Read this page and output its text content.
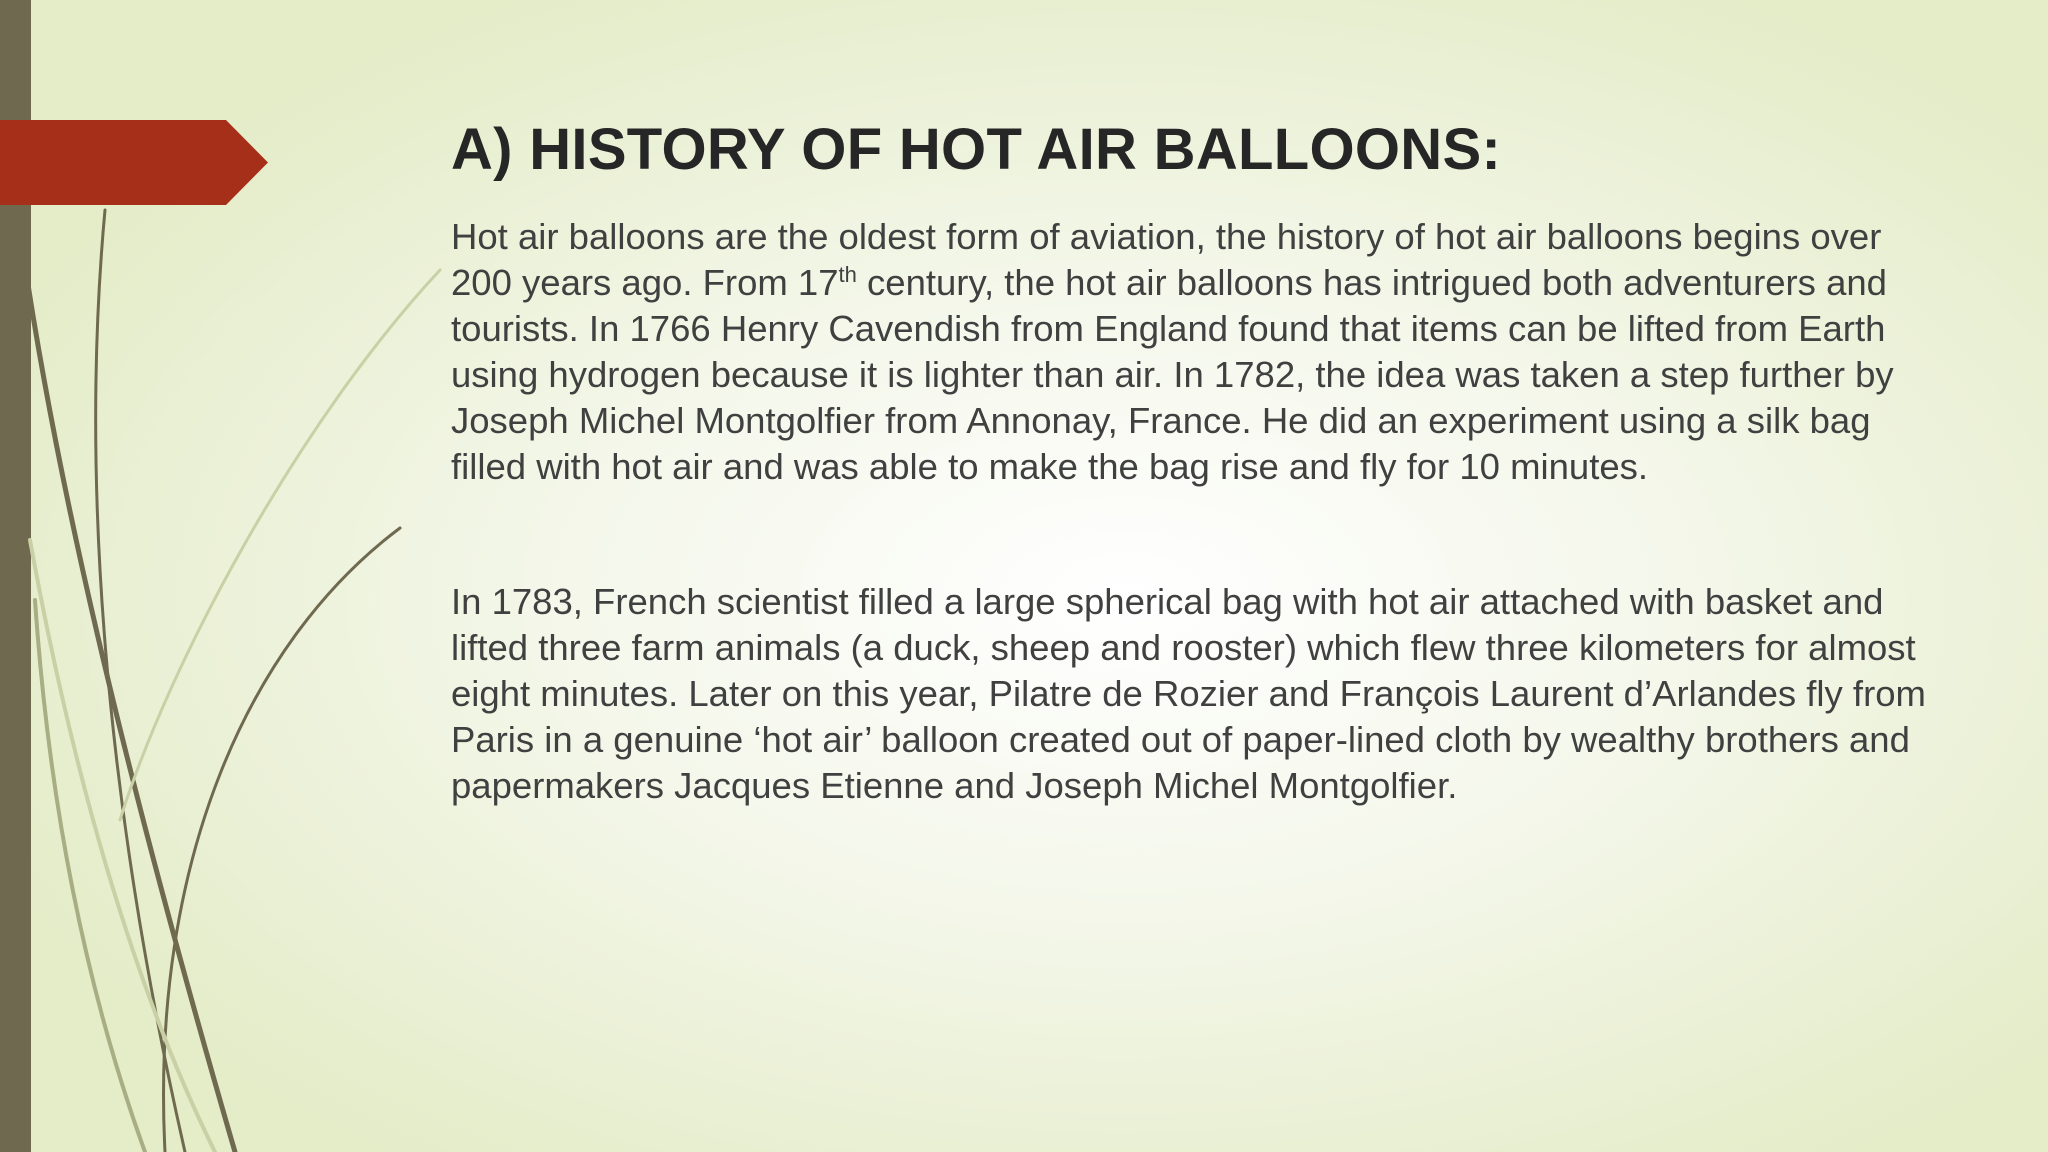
A) HISTORY OF HOT AIR BALLOONS:

Hot air balloons are the oldest form of aviation, the history of hot air balloons begins over 200 years ago. From 17th century, the hot air balloons has intrigued both adventurers and tourists. In 1766 Henry Cavendish from England found that items can be lifted from Earth using hydrogen because it is lighter than air. In 1782, the idea was taken a step further by Joseph Michel Montgolfier from Annonay, France. He did an experiment using a silk bag filled with hot air and was able to make the bag rise and fly for 10 minutes.

In 1783, French scientist filled a large spherical bag with hot air attached with basket and lifted three farm animals (a duck, sheep and rooster) which flew three kilometers for almost eight minutes. Later on this year, Pilatre de Rozier and François Laurent d’Arlandes fly from Paris in a genuine ‘hot air’ balloon created out of paper-lined cloth by wealthy brothers and papermakers Jacques Etienne and Joseph Michel Montgolfier.
